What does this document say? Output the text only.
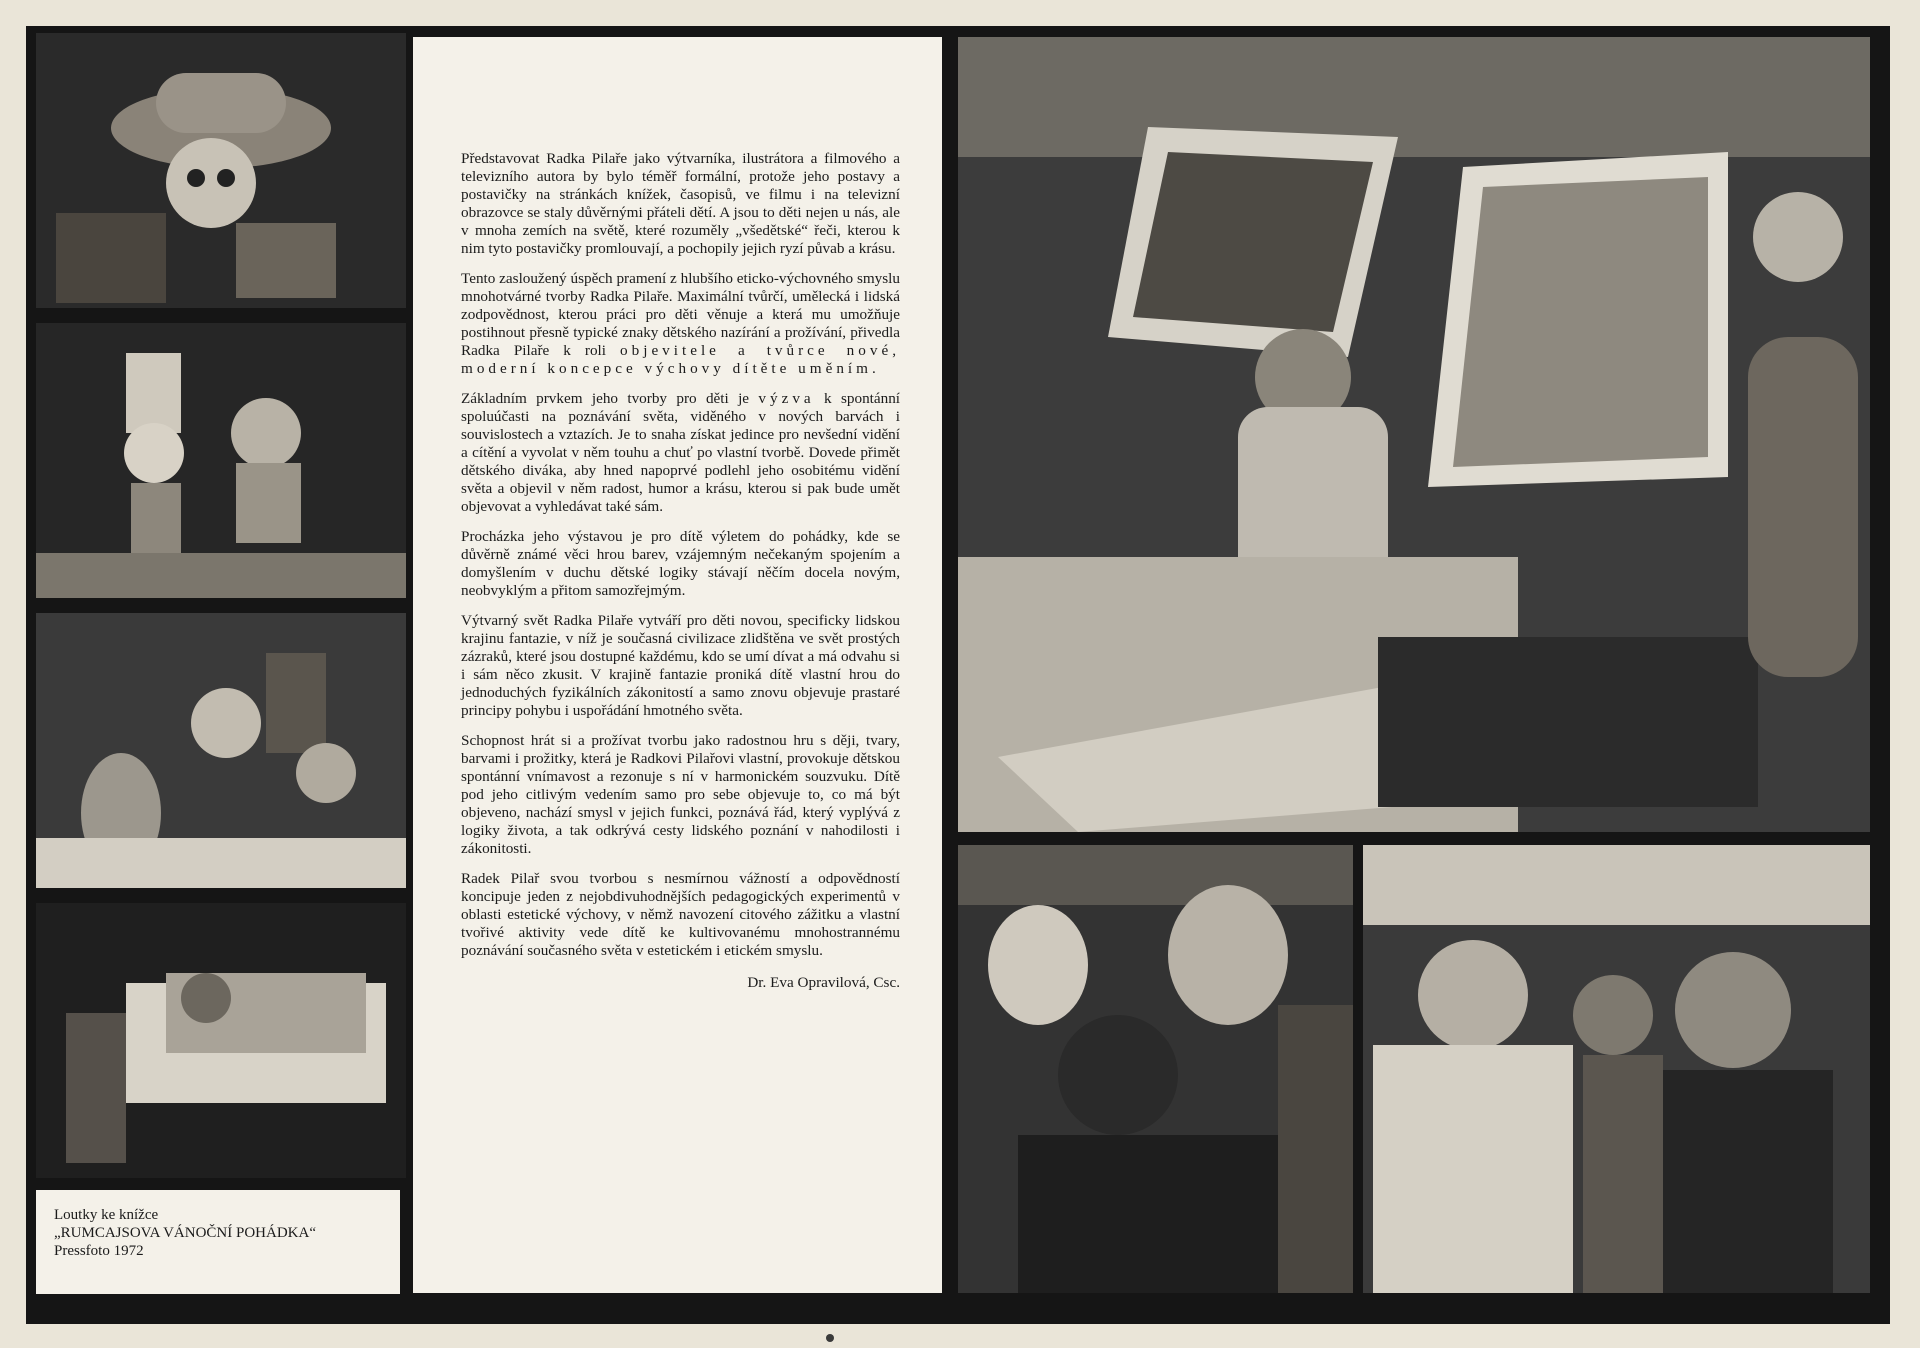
Představovat Radka Pilaře jako výtvarníka, ilustrátora a filmového a televizního autora by bylo téměř formální, protože jeho postavy a postavičky na stránkách knížek, časopisů, ve filmu i na televizní obrazovce se staly důvěrnými přáteli dětí. A jsou to děti nejen u nás, ale v mnoha zemích na světě, které rozuměly „všedětské“ řeči, kterou k nim tyto postavičky promlouvají, a pochopily jejich ryzí půvab a krásu.

Tento zasloužený úspěch pramení z hlubšího eticko-výchovného smyslu mnohotvárné tvorby Radka Pilaře. Maximální tvůrčí, umělecká i lidská zodpovědnost, kterou práci pro děti věnuje a která mu umožňuje postihnout přesně typické znaky dětského nazírání a prožívání, přivedla Radka Pilaře k roli objevitele a tvůrce nové, moderní koncepce výchovy dítěte uměním.

Základním prvkem jeho tvorby pro děti je výzva k spontánní spoluúčasti na poznávání světa, viděného v nových barvách i souvislostech a vztazích. Je to snaha získat jedince pro nevšední vidění a cítění a vyvolat v něm touhu a chuť po vlastní tvorbě. Dovede přimět dětského diváka, aby hned napoprvé podlehl jeho osobitému vidění světa a objevil v něm radost, humor a krásu, kterou si pak bude umět objevovat a vyhledávat také sám.

Procházka jeho výstavou je pro dítě výletem do pohádky, kde se důvěrně známé věci hrou barev, vzájemným nečekaným spojením a domyšlením v duchu dětské logiky stávají něčím docela novým, neobvyklým a přitom samozřejmým.

Výtvarný svět Radka Pilaře vytváří pro děti novou, specificky lidskou krajinu fantazie, v níž je současná civilizace zlidštěna ve svět prostých zázraků, které jsou dostupné každému, kdo se umí dívat a má odvahu si i sám něco zkusit. V krajině fantazie proniká dítě vlastní hrou do jednoduchých fyzikálních zákonitostí a samo znovu objevuje prastaré principy pohybu i uspořádání hmotného světa.

Schopnost hrát si a prožívat tvorbu jako radostnou hru s ději, tvary, barvami i prožitky, která je Radkovi Pilařovi vlastní, provokuje dětskou spontánní vnímavost a rezonuje s ní v harmonickém souzvuku. Dítě pod jeho citlivým vedením samo pro sebe objevuje to, co má být objeveno, nachází smysl v jejich funkci, poznává řád, který vyplývá z logiky života, a tak odkrývá cesty lidského poznání v nahodilosti i zákonitosti.

Radek Pilař svou tvorbou s nesmírnou vážností a odpovědností koncipuje jeden z nejobdivuhodnějších pedagogických experimentů v oblasti estetické výchovy, v němž navození citového zážitku a vlastní tvořivé aktivity vede dítě ke kultivovanému mnohostrannému poznávání současného světa v estetickém i etickém smyslu.

Dr. Eva Opravilová, Csc.
Loutky ke knížce
„RUMCAJSOVA VÁNOČNÍ POHÁDKA“
Pressfoto 1972
